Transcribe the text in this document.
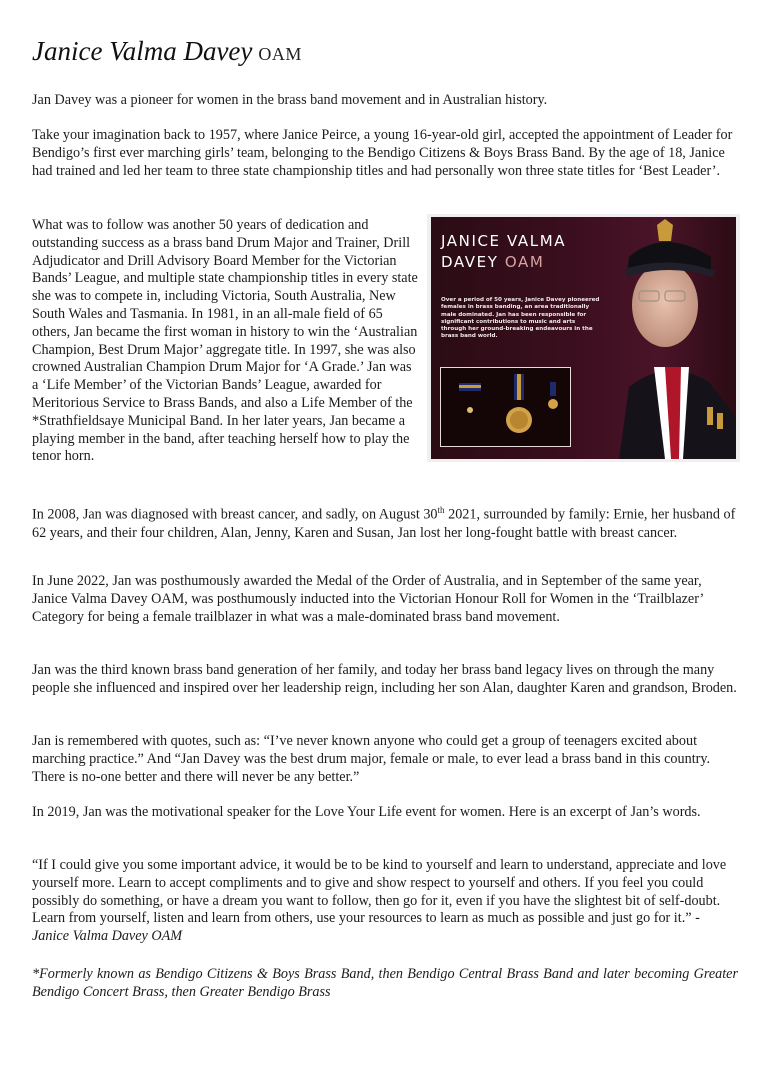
Janice Valma Davey OAM

Jan Davey was a pioneer for women in the brass band movement and in Australian history.

Take your imagination back to 1957, where Janice Peirce, a young 16-year-old girl, accepted the appointment of Leader for Bendigo’s first ever marching girls’ team, belonging to the Bendigo Citizens & Boys Brass Band. By the age of 18, Janice had trained and led her team to three state championship titles and had personally won three state titles for ‘Best Leader’.

What was to follow was another 50 years of dedication and outstanding success as a brass band Drum Major and Trainer, Drill Adjudicator and Drill Advisory Board Member for the Victorian Bands’ League, and multiple state championship titles in every state she was to compete in, including Victoria, South Australia, New South Wales and Tasmania. In 1981, in an all-male field of 65 others, Jan became the first woman in history to win the ‘Australian Champion, Best Drum Major’ aggregate title. In 1997, she was also crowned Australian Champion Drum Major for ‘A Grade.’ Jan was a ‘Life Member’ of the Victorian Bands’ League, awarded for Meritorious Service to Brass Bands, and also a Life Member of the *Strathfieldsaye Municipal Band. In her later years, Jan became a playing member in the band, after teaching herself how to play the tenor horn.

JANICE VALMA
DAVEY OAM
Over a period of 50 years, Janice Davey pioneered females in brass banding, an area traditionally male dominated. Jan has been responsible for significant contributions to music and arts through her ground-breaking endeavours in the brass band world.

In 2008, Jan was diagnosed with breast cancer, and sadly, on August 30th 2021, surrounded by family: Ernie, her husband of 62 years, and their four children, Alan, Jenny, Karen and Susan, Jan lost her long-fought battle with breast cancer.

In June 2022, Jan was posthumously awarded the Medal of the Order of Australia, and in September of the same year, Janice Valma Davey OAM, was posthumously inducted into the Victorian Honour Roll for Women in the ‘Trailblazer’ Category for being a female trailblazer in what was a male-dominated brass band movement.

Jan was the third known brass band generation of her family, and today her brass band legacy lives on through the many people she influenced and inspired over her leadership reign, including her son Alan, daughter Karen and grandson, Broden.

Jan is remembered with quotes, such as: “I’ve never known anyone who could get a group of teenagers excited about marching practice.” And “Jan Davey was the best drum major, female or male, to ever lead a brass band in this country. There is no-one better and there will never be any better.”

In 2019, Jan was the motivational speaker for the Love Your Life event for women. Here is an excerpt of Jan’s words.

“If I could give you some important advice, it would be to be kind to yourself and learn to understand, appreciate and love yourself more. Learn to accept compliments and to give and show respect to yourself and others. If you feel you could possibly do something, or have a dream you want to follow, then go for it, even if you have the slightest bit of self-doubt. Learn from yourself, listen and learn from others, use your resources to learn as much as possible and just go for it.” - Janice Valma Davey OAM

*Formerly known as Bendigo Citizens & Boys Brass Band, then Bendigo Central Brass Band and later becoming Greater Bendigo Concert Brass, then Greater Bendigo Brass
